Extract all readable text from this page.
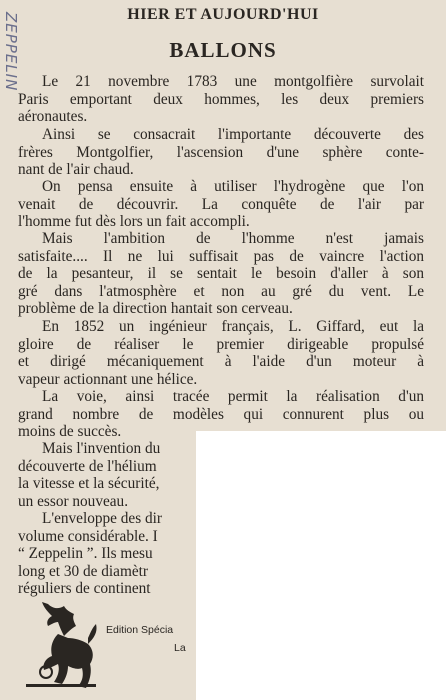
ZEPPELIN	HIER ET AUJOURD'HUI
BALLONS

Le 21 novembre 1783 une montgolfière survolait
Paris emportant deux hommes, les deux premiers
aéronautes.

Ainsi se consacrait l'importante découverte des
frères Montgolfier, l'ascension d'une sphère conte-
nant de l'air chaud.

On pensa ensuite à utiliser l'hydrogène que l'on
venait de découvrir. La conquête de l'air par
l'homme fut dès lors un fait accompli.

Mais l'ambition de l'homme n'est jamais
satisfaite.... Il ne lui suffisait pas de vaincre l'action
de la pesanteur, il se sentait le besoin d'aller à son
gré dans l'atmosphère et non au gré du vent. Le
problème de la direction hantait son cerveau.

En 1852 un ingénieur français, L. Giffard, eut la
gloire de réaliser le premier dirigeable propulsé
et dirigé mécaniquement à l'aide d'un moteur à
vapeur actionnant une hélice.

La voie, ainsi tracée permit la réalisation d'un
grand nombre de modèles qui connurent plus ou
moins de succès.

Mais l'invention du
découverte de l'hélium
la vitesse et la sécurité,
un essor nouveau.
L'enveloppe des dir
volume considérable. I
“ Zeppelin ”. Ils mesu
long et 30 de diamètr
réguliers de continent
Edition Spécia
La
